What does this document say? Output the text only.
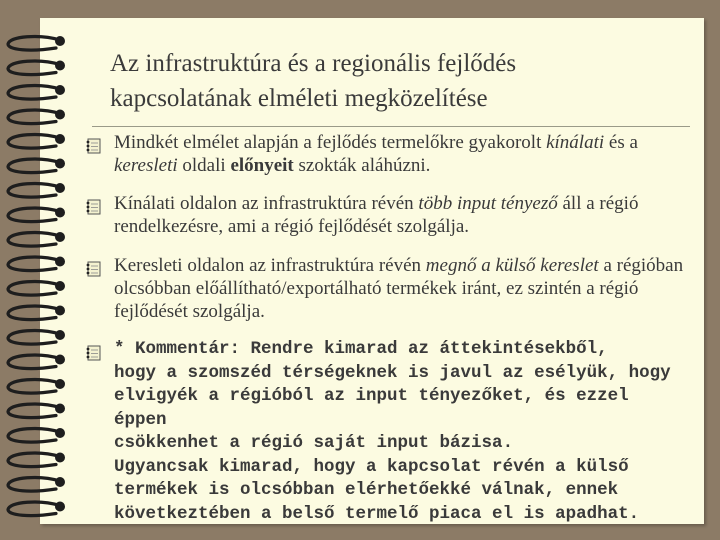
Az infrastruktúra és a regionális fejlődés
kapcsolatának elméleti megközelítése
Mindkét elmélet alapján a fejlődés termelőkre gyakorolt kínálati és a keresleti oldali előnyeit szokták aláhúzni.
Kínálati oldalon az infrastruktúra révén több input tényező áll a régió rendelkezésre, ami a régió fejlődését szolgálja.
Keresleti oldalon az infrastruktúra révén megnő a külső kereslet a régióban olcsóbban előállítható/exportálható termékek iránt, ez szintén a régió fejlődését szolgálja.
* Kommentár: Rendre kimarad az áttekintésekből,
hogy a szomszéd térségeknek is javul az esélyük, hogy
elvigyék a régióból az input tényezőket, és ezzel éppen
csökkenhet a régió saját input bázisa.
Ugyancsak kimarad, hogy a kapcsolat révén a külső
termékek is olcsóbban elérhetőekké válnak, ennek
következtében a belső termelő piaca el is apadhat.
